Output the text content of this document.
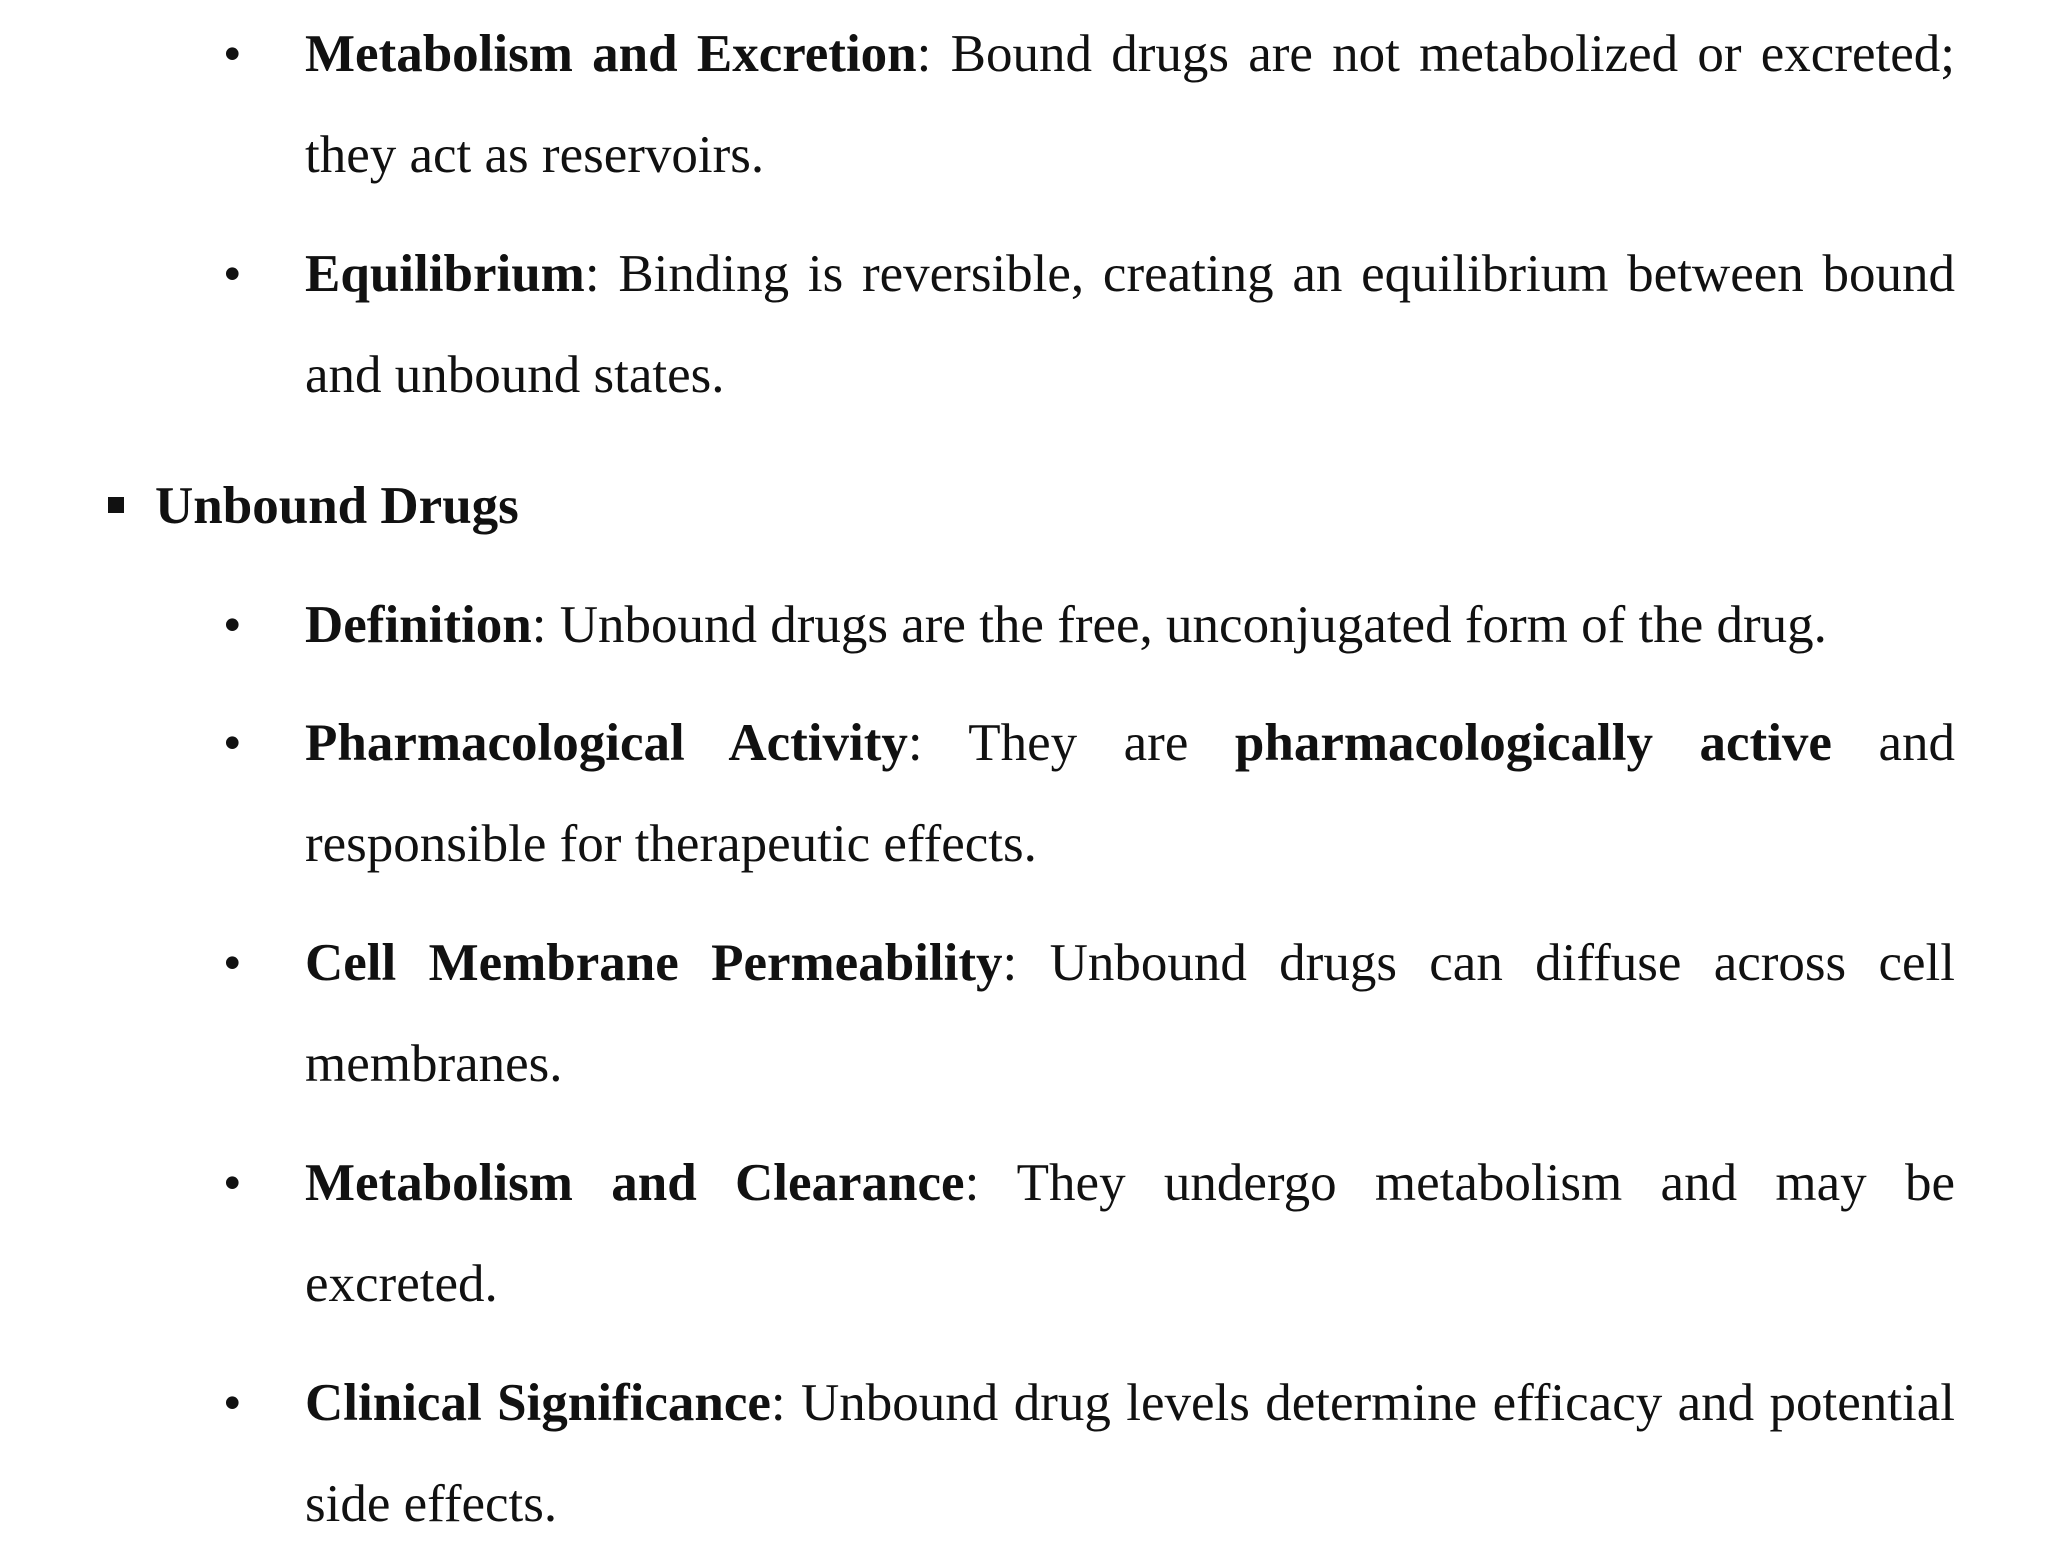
• Metabolism and Excretion: Bound drugs are not metabolized or excreted; they act as reservoirs.
• Equilibrium: Binding is reversible, creating an equilibrium between bound and unbound states.
Unbound Drugs
• Definition: Unbound drugs are the free, unconjugated form of the drug.
• Pharmacological Activity: They are pharmacologically active and responsible for therapeutic effects.
• Cell Membrane Permeability: Unbound drugs can diffuse across cell membranes.
• Metabolism and Clearance: They undergo metabolism and may be excreted.
• Clinical Significance: Unbound drug levels determine efficacy and potential side effects.
